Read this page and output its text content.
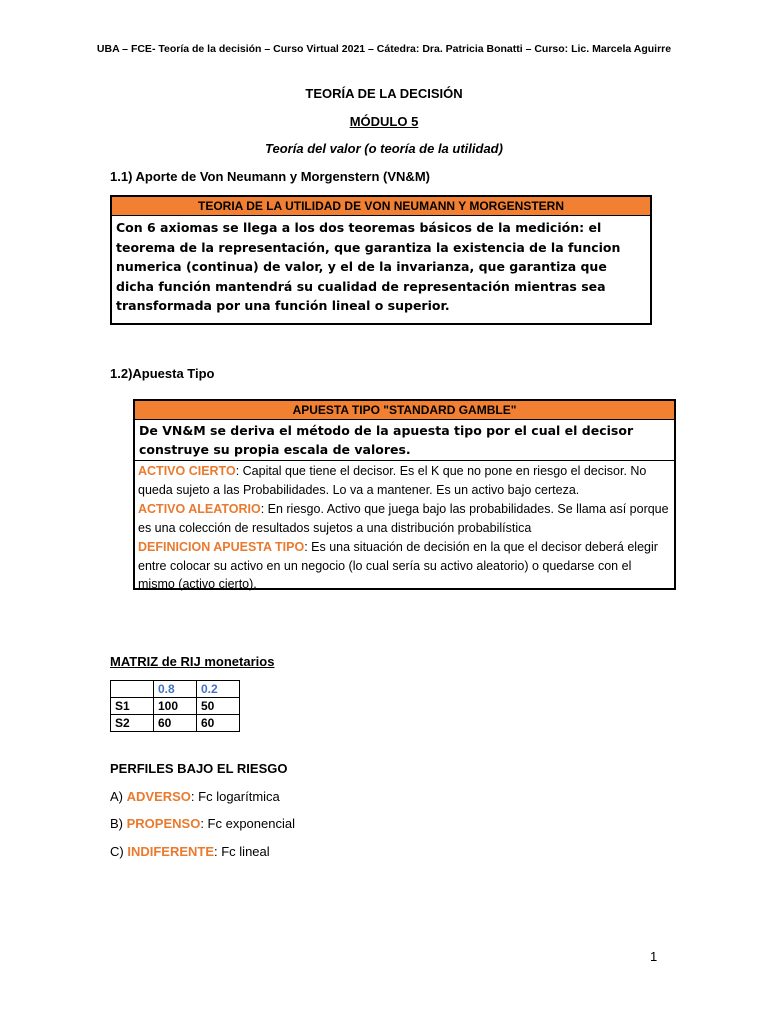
UBA – FCE- Teoría de la decisión – Curso Virtual 2021 – Cátedra: Dra. Patricia Bonatti – Curso: Lic. Marcela Aguirre
TEORÍA DE LA DECISIÓN
MÓDULO 5
Teoría del valor (o teoría de la utilidad)
1.1) Aporte de Von Neumann y Morgenstern (VN&M)
TEORIA DE LA UTILIDAD DE VON NEUMANN Y MORGENSTERN
Con 6 axiomas se llega a los dos teoremas básicos de la medición: el teorema de la representación, que garantiza la existencia de la funcion numerica (continua) de valor, y el de la invarianza, que garantiza que dicha función mantendrá su cualidad de representación mientras sea transformada por una función lineal o superior.
1.2)Apuesta Tipo
APUESTA TIPO "STANDARD GAMBLE"
De VN&M se deriva el método de la apuesta tipo por el cual el decisor construye su propia escala de valores.

ACTIVO CIERTO: Capital que tiene el decisor. Es el K que no pone en riesgo el decisor. No queda sujeto a las Probabilidades. Lo va a mantener. Es un activo bajo certeza.

ACTIVO ALEATORIO: En riesgo. Activo que juega bajo las probabilidades. Se llama así porque es una colección de resultados sujetos a una distribución probabilística

DEFINICION APUESTA TIPO: Es una situación de decisión en la que el decisor deberá elegir entre colocar su activo en un negocio (lo cual sería su activo aleatorio) o quedarse con el mismo (activo cierto).

MATRIZ de RIJ monetarios
	0.8	0.2
S1	100	50
S2	60	60
PERFILES BAJO EL RIESGO
A) ADVERSO: Fc logarítmica
B) PROPENSO: Fc exponencial
C) INDIFERENTE: Fc lineal
1
